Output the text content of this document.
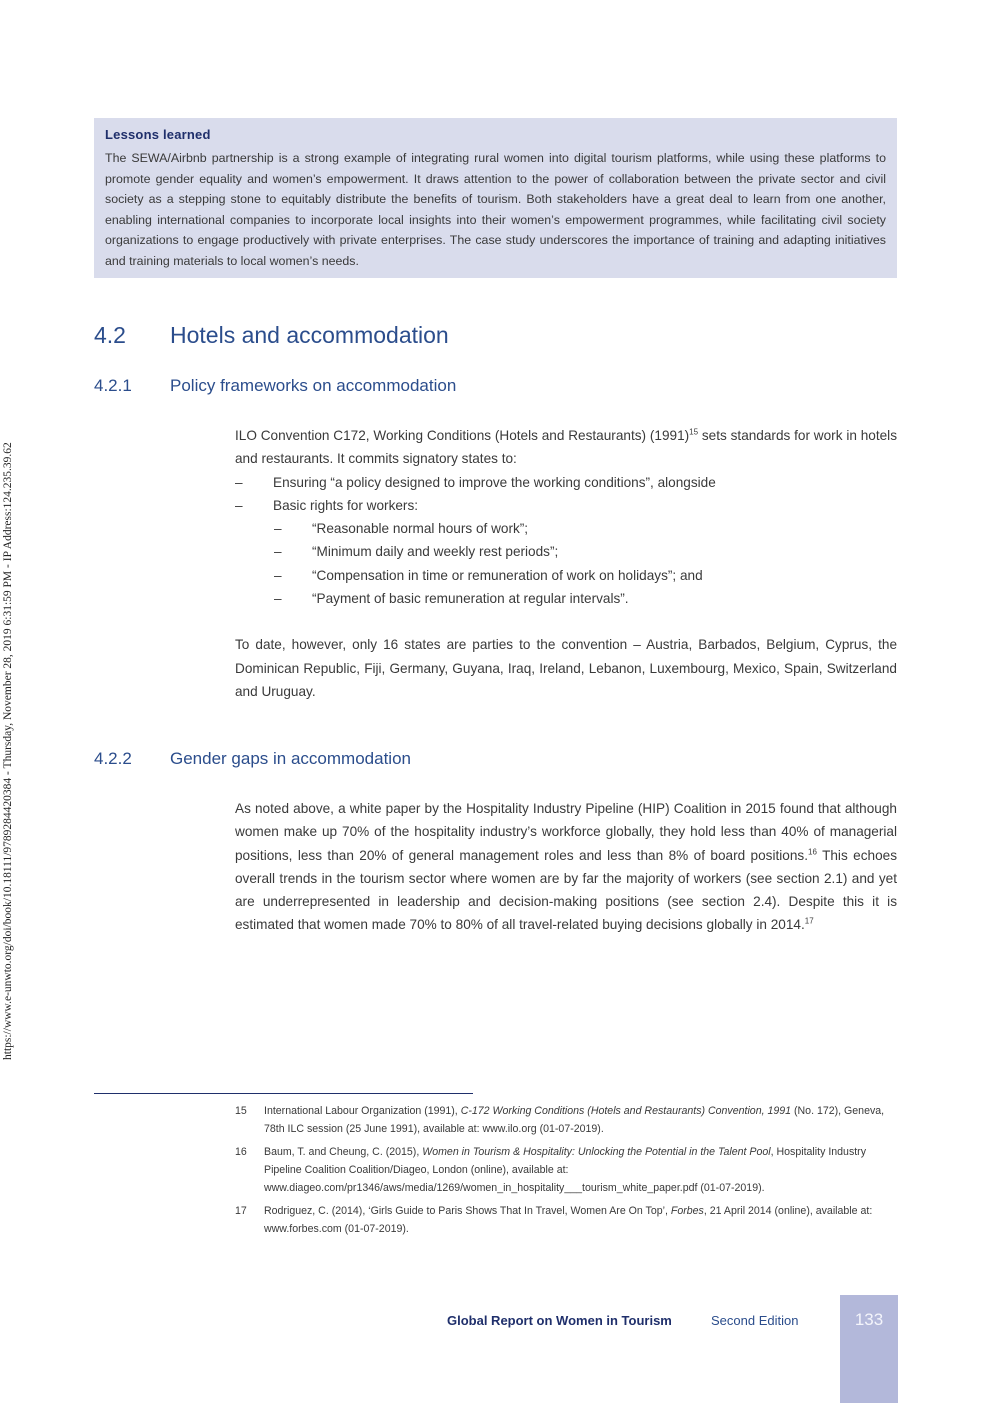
https://www.e-unwto.org/doi/book/10.18111/9789284420384 - Thursday, November 28, 2019 6:31:59 PM - IP Address:124.235.39.62
Lessons learned
The SEWA/Airbnb partnership is a strong example of integrating rural women into digital tourism platforms, while using these platforms to promote gender equality and women’s empowerment. It draws attention to the power of collaboration between the private sector and civil society as a stepping stone to equitably distribute the benefits of tourism. Both stakeholders have a great deal to learn from one another, enabling international companies to incorporate local insights into their women’s empowerment programmes, while facilitating civil society organizations to engage productively with private enterprises. The case study underscores the importance of training and adapting initiatives and training materials to local women’s needs.
4.2 Hotels and accommodation
4.2.1 Policy frameworks on accommodation

ILO Convention C172, Working Conditions (Hotels and Restaurants) $(1991)^{15}$ sets standards for work in hotels and restaurants. It commits signatory states to:

– Ensuring “a policy designed to improve the working conditions”, alongside
– Basic rights for workers:
– “Reasonable normal hours of work”;
– “Minimum daily and weekly rest periods”;
– “Compensation in time or remuneration of work on holidays”; and
– “Payment of basic remuneration at regular intervals”.

To date, however, only 16 states are parties to the convention – Austria, Barbados, Belgium, Cyprus, the Dominican Republic, Fiji, Germany, Guyana, Iraq, Ireland, Lebanon, Luxembourg, Mexico, Spain, Switzerland and Uruguay.

4.2.2 Gender gaps in accommodation

As noted above, a white paper by the Hospitality Industry Pipeline (HIP) Coalition in 2015 found that although women make up 70% of the hospitality industry’s workforce globally, they hold less than 40% of managerial positions, less than 20% of general management roles and less than 8% of board positions.$^{16}$ This echoes overall trends in the tourism sector where women are by far the majority of workers (see section 2.1) and yet are underrepresented in leadership and decision-making positions (see section 2.4). Despite this it is estimated that women made 70% to 80% of all travel-related buying decisions globally in 2014.17

15	International Labour Organization (1991), C-172 Working Conditions (Hotels and Restaurants) Convention, 1991 (No. 172), Geneva, 78th ILC session (25 June 1991), available at: www.ilo.org (01-07-2019).
16	Baum, T. and Cheung, C. (2015), Women in Tourism & Hospitality: Unlocking the Potential in the Talent Pool, Hospitality Industry Pipeline Coalition Coalition/Diageo, London (online), available at: www.diageo.com/pr1346/aws/media/1269/women_in_hospitality___tourism_white_paper.pdf (01-07-2019).
17	Rodriguez, C. (2014), ‘Girls Guide to Paris Shows That In Travel, Women Are On Top’, Forbes, 21 April 2014 (online), available at: www.forbes.com (01-07-2019).
Global Report on Women in Tourism	Second Edition	133
